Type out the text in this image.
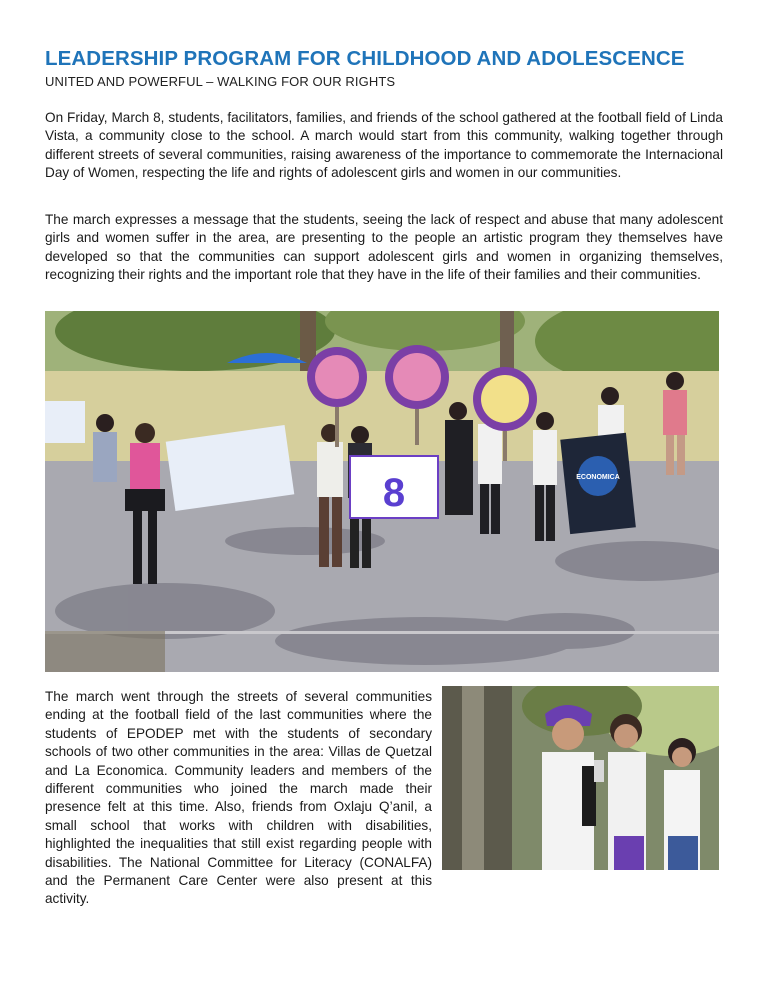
LEADERSHIP PROGRAM FOR CHILDHOOD AND ADOLESCENCE
UNITED AND POWERFUL – WALKING FOR OUR RIGHTS

On Friday, March 8, students, facilitators, families, and friends of the school gathered at the football field of Linda Vista, a community close to the school. A march would start from this community, walking together through different streets of several communities, raising awareness of the importance to commemorate the Internacional Day of Women, respecting the life and rights of adolescent girls and women in our communities.

The march expresses a message that the students, seeing the lack of respect and abuse that many adolescent girls and women suffer in the area, are presenting to the people an artistic program they themselves have developed so that the communities can support adolescent girls and women in organizing themselves, recognizing their rights and the important role that they have in the life of their families and their communities.

8	ECONOMICA

The march went through the streets of several communities ending at the football field of the last communities where the students of EPODEP met with the students of secondary schools of two other communities in the area: Villas de Quetzal and La Economica. Community leaders and members of the different communities who joined the march made their presence felt at this time. Also, friends from Oxlaju Q’anil, a small school that works with children with disabilities, highlighted the inequalities that still exist regarding people with disabilities. The National Committee for Literacy (CONALFA) and the Permanent Care Center were also present at this activity.
